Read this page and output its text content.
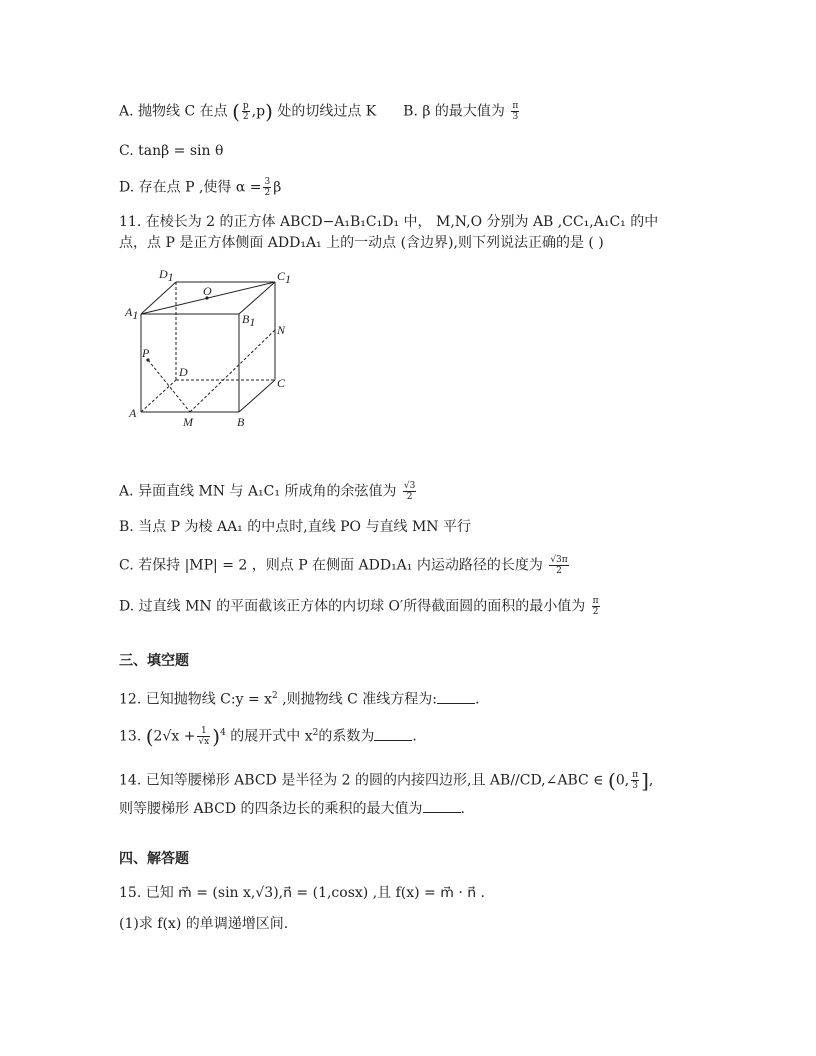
A. 抛物线 C 在点 ( $\frac{p}{2} ,p$) 处的切线过点 K B. β 的最大值为 $\frac{\pi}{3}$
C. tanβ = sin θ
D. 存在点 P ,使得 $\alpha = \frac{3}{2}$ β
11. 在棱长为 2 的正方体 ABCD−A₁B₁C₁D₁ 中， M,N,O 分别为 AB ,CC₁,A₁C₁ 的中
点，点 P 是正方体侧面 ADD₁A₁ 上的一动点 (含边界),则下列说法正确的是 ( )
D1
O
C1
A1	B1
N
P
D
C
A
M	B
A. 异面直线 MN 与 A₁C₁ 所成角的余弦值为 $\frac{√3}{2}$
B. 当点 P 为棱 AA₁ 的中点时,直线 PO 与直线 MN 平行
C. 若保持 |MP| = 2 ，则点 P 在侧面 ADD₁A₁ 内运动路径的长度为 $\frac{√3\pi}{2}$
D. 过直线 MN 的平面截该正方体的内切球 O′所得截面圆的面积的最小值为 $\frac{\pi}{2}$
三、填空题
12. 已知抛物线 C:y = $x^2$ ,则抛物线 C 准线方程为:	.
13. $(2√x + \frac{1}{√x} )^4$ 的展开式中 $x^2$的系数为	.
14. 已知等腰梯形 ABCD 是半径为 2 的圆的内接四边形,且 AB//CD,∠ABC ∈ (0, $\frac{\pi}{3}$ ],
则等腰梯形 ABCD 的四条边长的乘积的最大值为	.
四、解答题
15. 已知 m⃗ = (sin x,√3),n⃗ = (1,cosx) ,且 f(x) = m⃗ · n⃗ .
(1)求 f(x) 的单调递增区间.
